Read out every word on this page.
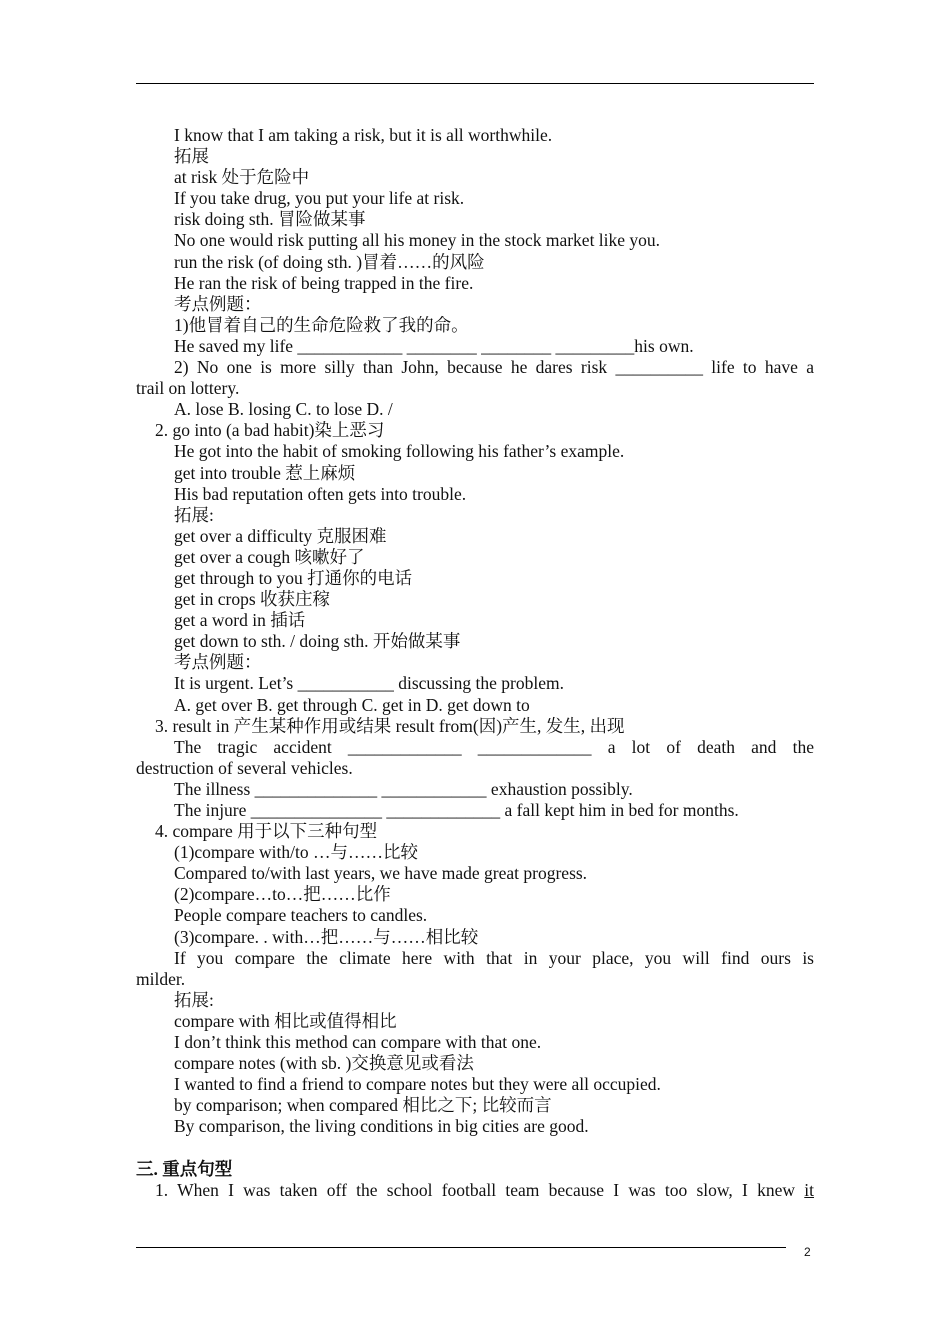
I know that I am taking a risk, but it is all worthwhile.
拓展
at risk 处于危险中
If you take drug, you put your life at risk.
risk doing sth. 冒险做某事
No one would risk putting all his money in the stock market like you.
run the risk (of doing sth. )冒着……的风险
He ran the risk of being trapped in the fire.
考点例题：
1)他冒着自己的生命危险救了我的命。
He saved my life ____________ ________ ________ _________his own.
2) No one is more silly than John, because he dares risk __________ life to have a
trail on lottery.
A. lose B. losing C. to lose D. /
2. go into (a bad habit)染上恶习
He got into the habit of smoking following his father’s example.
get into trouble 惹上麻烦
His bad reputation often gets into trouble.
拓展:
get over a difficulty 克服困难
get over a cough 咳嗽好了
get through to you 打通你的电话
get in crops 收获庄稼
get a word in 插话
get down to sth. / doing sth. 开始做某事
考点例题：
It is urgent. Let’s ___________ discussing the problem.
A. get over B. get through C. get in D. get down to
3. result in 产生某种作用或结果 result from(因)产生, 发生, 出现
The tragic accident _____________ _____________ a lot of death and the
destruction of several vehicles.
The illness ______________ ____________ exhaustion possibly.
The injure _______________ _____________ a fall kept him in bed for months.
4. compare 用于以下三种句型
(1)compare with/to …与……比较
Compared to/with last years, we have made great progress.
(2)compare…to…把……比作
People compare teachers to candles.
(3)compare. . with…把……与……相比较
If you compare the climate here with that in your place, you will find ours is
milder.
拓展:
compare with 相比或值得相比
I don’t think this method can compare with that one.
compare notes (with sb. )交换意见或看法
I wanted to find a friend to compare notes but they were all occupied.
by comparison; when compared 相比之下; 比较而言
By comparison, the living conditions in big cities are good.
三. 重点句型
1. When I was taken off the school football team because I was too slow, I knew it
2
